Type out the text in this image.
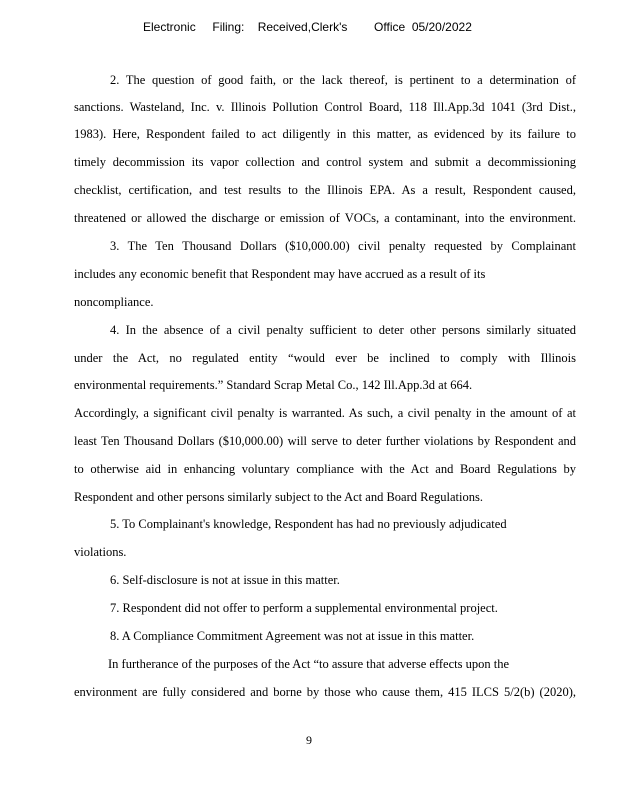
Electronic     Filing:    Received,Clerk's        Office  05/20/2022
2. The question of good faith, or the lack thereof, is pertinent to a determination of
sanctions. Wasteland, Inc. v. Illinois Pollution Control Board, 118 Ill.App.3d 1041 (3rd Dist.,
1983). Here, Respondent failed to act diligently in this matter, as evidenced by its failure to
timely decommission its vapor collection and control system and submit a decommissioning
checklist, certification, and test results to the Illinois EPA. As a result, Respondent caused,
threatened or allowed the discharge or emission of VOCs, a contaminant, into the environment.
3. The Ten Thousand Dollars ($10,000.00) civil penalty requested by Complainant
includes any economic benefit that Respondent may have accrued as a result of its
noncompliance.
4. In the absence of a civil penalty sufficient to deter other persons similarly situated
under the Act, no regulated entity “would ever be inclined to comply with Illinois
environmental requirements.” Standard Scrap Metal Co., 142 Ill.App.3d at 664.
Accordingly, a significant civil penalty is warranted. As such, a civil penalty in the amount of at
least Ten Thousand Dollars ($10,000.00) will serve to deter further violations by Respondent and
to otherwise aid in enhancing voluntary compliance with the Act and Board Regulations by
Respondent and other persons similarly subject to the Act and Board Regulations.
5. To Complainant's knowledge, Respondent has had no previously adjudicated
violations.
6. Self-disclosure is not at issue in this matter.
7. Respondent did not offer to perform a supplemental environmental project.
8. A Compliance Commitment Agreement was not at issue in this matter.
In furtherance of the purposes of the Act “to assure that adverse effects upon the
environment are fully considered and borne by those who cause them, 415 ILCS 5/2(b) (2020),
9
